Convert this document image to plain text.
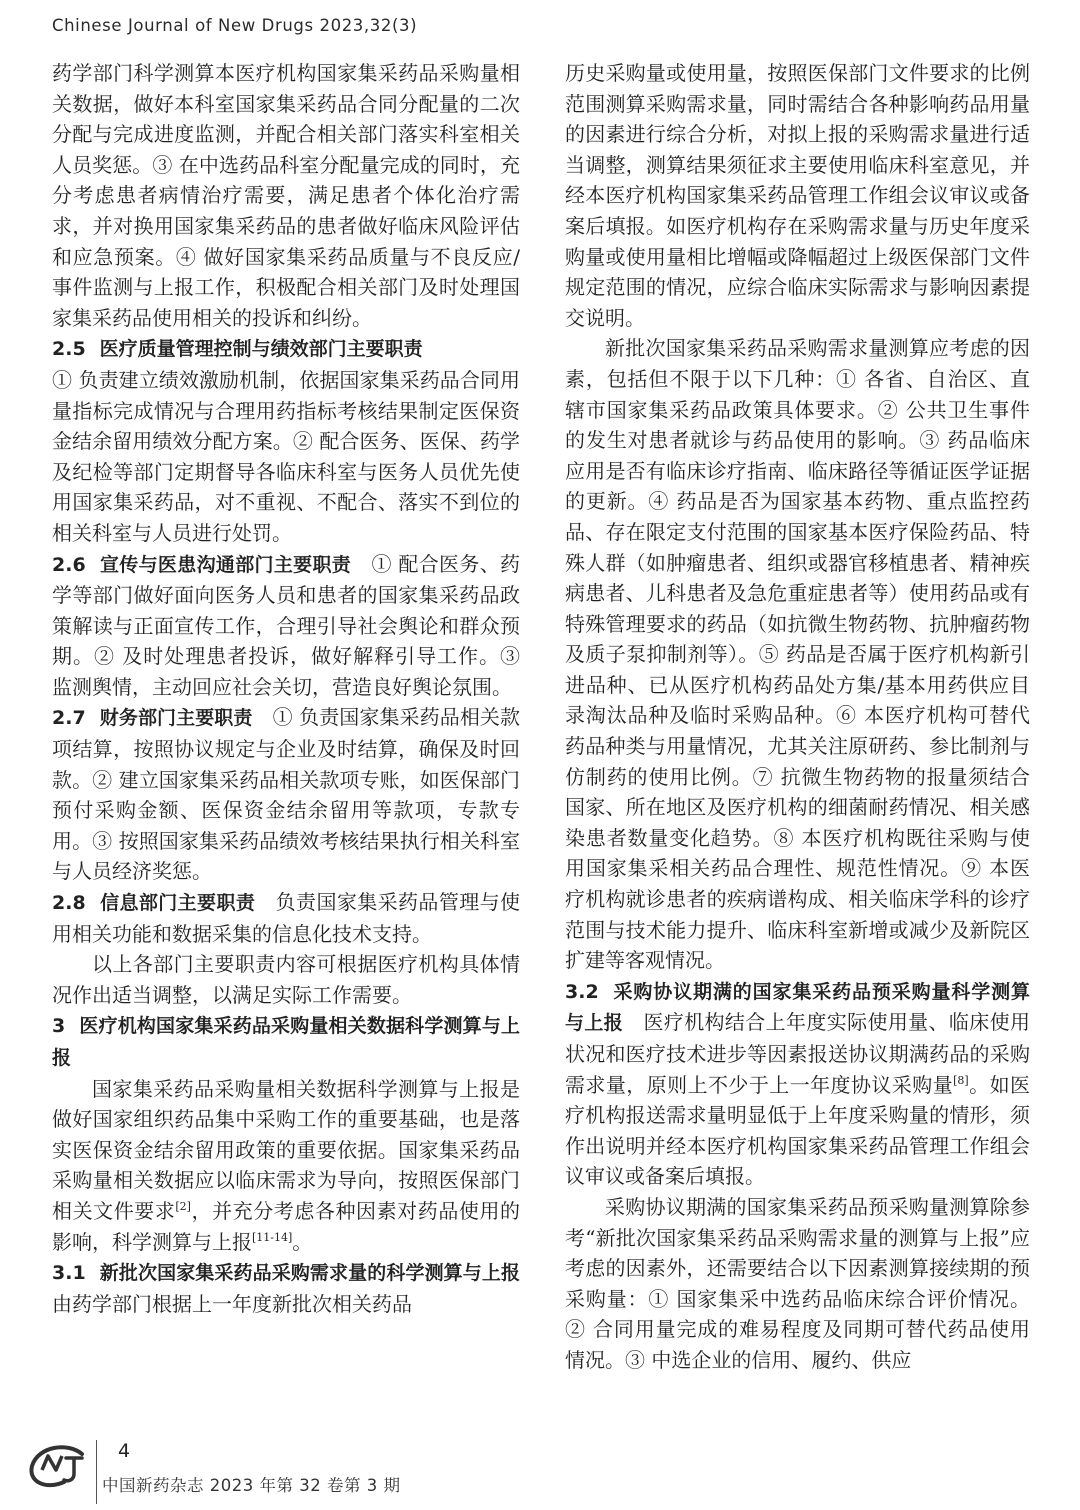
Chinese Journal of New Drugs 2023,32(3)

药学部门科学测算本医疗机构国家集采药品采购量相关数据，做好本科室国家集采药品合同分配量的二次分配与完成进度监测，并配合相关部门落实科室相关人员奖惩。③ 在中选药品科室分配量完成的同时，充分考虑患者病情治疗需要，满足患者个体化治疗需求，并对换用国家集采药品的患者做好临床风险评估和应急预案。④ 做好国家集采药品质量与不良反应/事件监测与上报工作，积极配合相关部门及时处理国家集采药品使用相关的投诉和纠纷。

2.5 医疗质量管理控制与绩效部门主要职责

① 负责建立绩效激励机制，依据国家集采药品合同用量指标完成情况与合理用药指标考核结果制定医保资金结余留用绩效分配方案。② 配合医务、医保、药学及纪检等部门定期督导各临床科室与医务人员优先使用国家集采药品，对不重视、不配合、落实不到位的相关科室与人员进行处罚。

2.6 宣传与医患沟通部门主要职责　 ① 配合医务、药学等部门做好面向医务人员和患者的国家集采药品政策解读与正面宣传工作，合理引导社会舆论和群众预期。② 及时处理患者投诉，做好解释引导工作。③ 监测舆情，主动回应社会关切，营造良好舆论氛围。

2.7 财务部门主要职责　 ① 负责国家集采药品相关款项结算，按照协议规定与企业及时结算，确保及时回款。② 建立国家集采药品相关款项专账，如医保部门预付采购金额、医保资金结余留用等款项，专款专用。③ 按照国家集采药品绩效考核结果执行相关科室与人员经济奖惩。

2.8 信息部门主要职责　 负责国家集采药品管理与使用相关功能和数据采集的信息化技术支持。

以上各部门主要职责内容可根据医疗机构具体情况作出适当调整，以满足实际工作需要。

3 医疗机构国家集采药品采购量相关数据科学测算与上报

国家集采药品采购量相关数据科学测算与上报是做好国家组织药品集中采购工作的重要基础，也是落实医保资金结余留用政策的重要依据。国家集采药品采购量相关数据应以临床需求为导向，按照医保部门相关文件要求[2]，并充分考虑各种因素对药品使用的影响，科学测算与上报[11-14]。

3.1 新批次国家集采药品采购需求量的科学测算与上报　由药学部门根据上一年度新批次相关药品

历史采购量或使用量，按照医保部门文件要求的比例范围测算采购需求量，同时需结合各种影响药品用量的因素进行综合分析，对拟上报的采购需求量进行适当调整，测算结果须征求主要使用临床科室意见，并经本医疗机构国家集采药品管理工作组会议审议或备案后填报。如医疗机构存在采购需求量与历史年度采购量或使用量相比增幅或降幅超过上级医保部门文件规定范围的情况，应综合临床实际需求与影响因素提交说明。

新批次国家集采药品采购需求量测算应考虑的因素，包括但不限于以下几种：① 各省、自治区、直辖市国家集采药品政策具体要求。② 公共卫生事件的发生对患者就诊与药品使用的影响。③ 药品临床应用是否有临床诊疗指南、临床路径等循证医学证据的更新。④ 药品是否为国家基本药物、重点监控药品、存在限定支付范围的国家基本医疗保险药品、特殊人群（如肿瘤患者、组织或器官移植患者、精神疾病患者、儿科患者及急危重症患者等）使用药品或有特殊管理要求的药品（如抗微生物药物、抗肿瘤药物及质子泵抑制剂等）。⑤ 药品是否属于医疗机构新引进品种、已从医疗机构药品处方集/基本用药供应目录淘汰品种及临时采购品种。⑥ 本医疗机构可替代药品种类与用量情况，尤其关注原研药、参比制剂与仿制药的使用比例。⑦ 抗微生物药物的报量须结合国家、所在地区及医疗机构的细菌耐药情况、相关感染患者数量变化趋势。⑧ 本医疗机构既往采购与使用国家集采相关药品合理性、规范性情况。⑨ 本医疗机构就诊患者的疾病谱构成、相关临床学科的诊疗范围与技术能力提升、临床科室新增或减少及新院区扩建等客观情况。

3.2 采购协议期满的国家集采药品预采购量科学测算与上报　 医疗机构结合上年度实际使用量、临床使用状况和医疗技术进步等因素报送协议期满药品的采购需求量，原则上不少于上一年度协议采购量[8]。如医疗机构报送需求量明显低于上年度采购量的情形，须作出说明并经本医疗机构国家集采药品管理工作组会议审议或备案后填报。

采购协议期满的国家集采药品预采购量测算除参考“新批次国家集采药品采购需求量的测算与上报”应考虑的因素外，还需要结合以下因素测算接续期的预采购量：① 国家集采中选药品临床综合评价情况。② 合同用量完成的难易程度及同期可替代药品使用情况。③ 中选企业的信用、履约、供应

4
中国新药杂志 2023 年第 32 卷第 3 期
